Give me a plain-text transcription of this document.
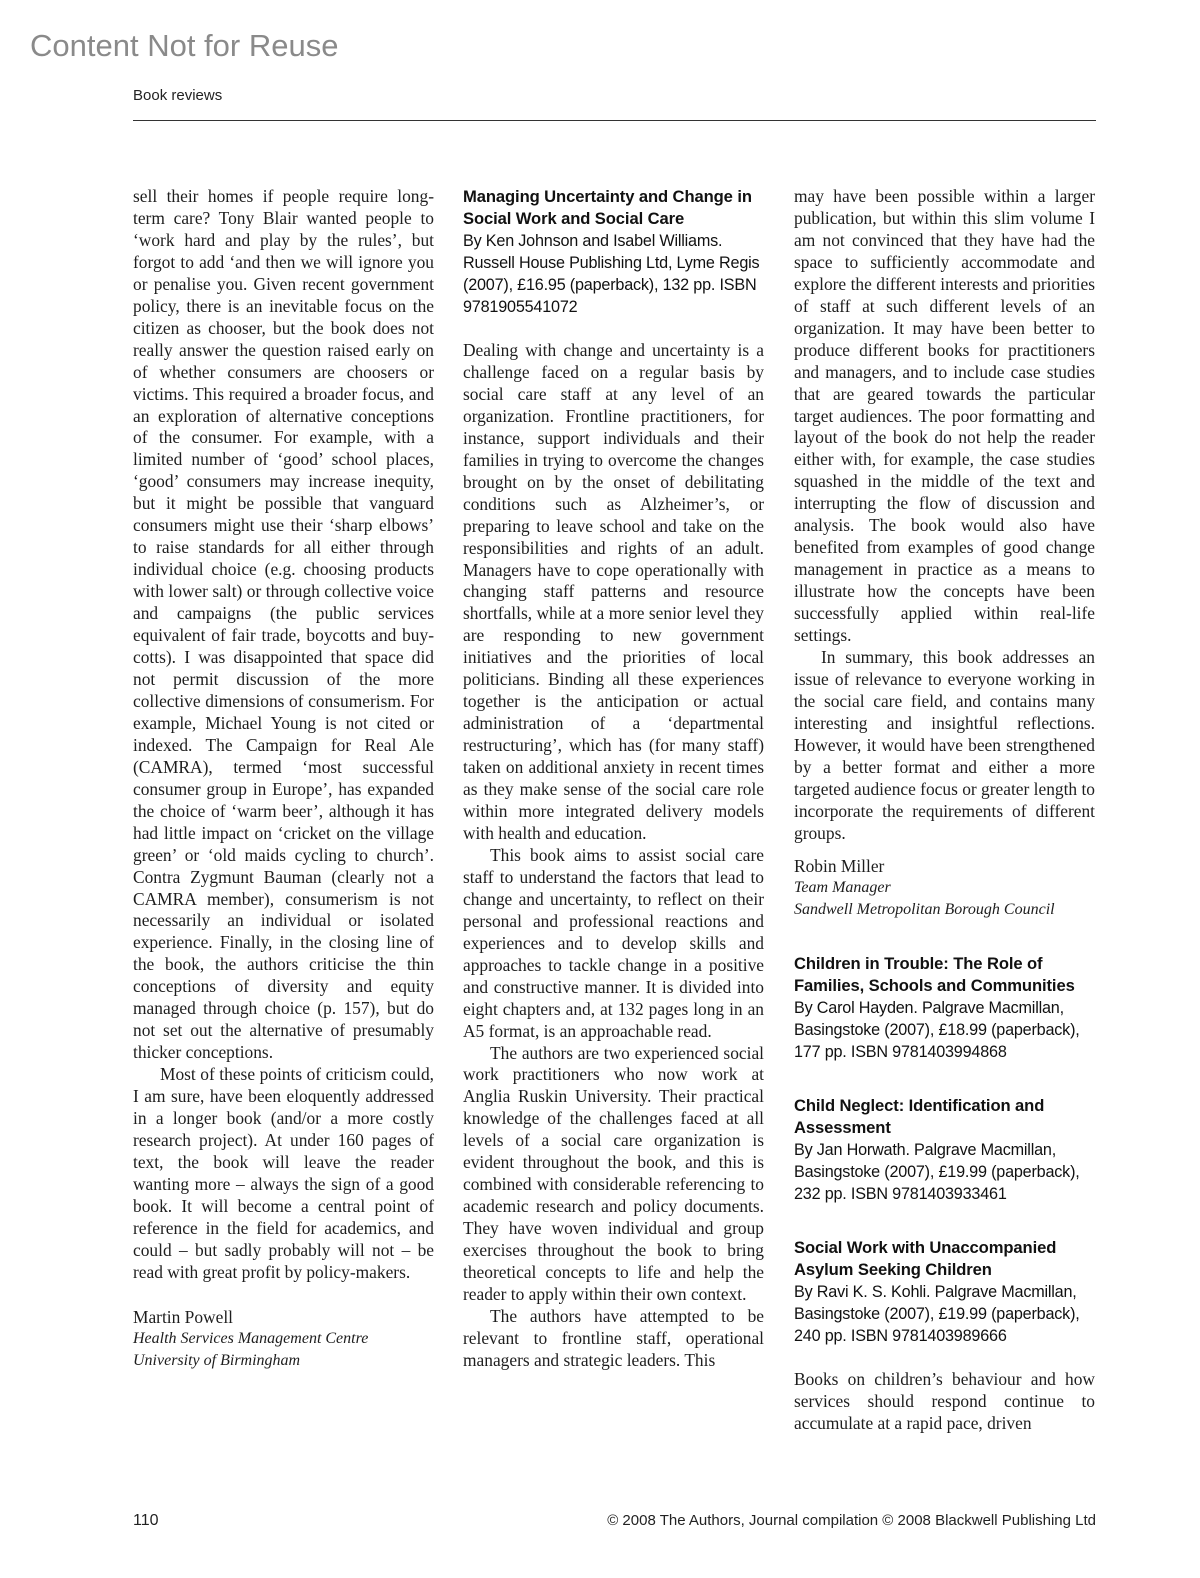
Content Not for Reuse
Book reviews

sell their homes if people require long-term care? Tony Blair wanted people to ‘work hard and play by the rules’, but forgot to add ‘and then we will ignore you or penalise you. Given recent government policy, there is an inevitable focus on the citizen as chooser, but the book does not really answer the question raised early on of whether consumers are choosers or victims. This required a broader focus, and an exploration of alternative conceptions of the consumer. For example, with a limited number of ‘good’ school places, ‘good’ consumers may increase inequity, but it might be possible that vanguard consumers might use their ‘sharp elbows’ to raise standards for all either through individual choice (e.g. choosing products with lower salt) or through collective voice and campaigns (the public services equivalent of fair trade, boycotts and buy-cotts). I was disappointed that space did not permit discussion of the more collective dimensions of consumerism. For example, Michael Young is not cited or indexed. The Campaign for Real Ale (CAMRA), termed ‘most successful consumer group in Europe’, has expanded the choice of ‘warm beer’, although it has had little impact on ‘cricket on the village green’ or ‘old maids cycling to church’. Contra Zygmunt Bauman (clearly not a CAMRA member), consumerism is not necessarily an individual or isolated experience. Finally, in the closing line of the book, the authors criticise the thin conceptions of diversity and equity managed through choice (p. 157), but do not set out the alternative of presumably thicker conceptions.

Most of these points of criticism could, I am sure, have been eloquently addressed in a longer book (and/or a more costly research project). At under 160 pages of text, the book will leave the reader wanting more – always the sign of a good book. It will become a central point of reference in the field for academics, and could – but sadly probably will not – be read with great profit by policy-makers.

Martin Powell
Health Services Management Centre
University of Birmingham
Managing Uncertainty and Change in Social Work and Social Care
By Ken Johnson and Isabel Williams. Russell House Publishing Ltd, Lyme Regis (2007), £16.95 (paperback), 132 pp. ISBN 9781905541072

Dealing with change and uncertainty is a challenge faced on a regular basis by social care staff at any level of an organization. Frontline practitioners, for instance, support individuals and their families in trying to overcome the changes brought on by the onset of debilitating conditions such as Alzheimer’s, or preparing to leave school and take on the responsibilities and rights of an adult. Managers have to cope operationally with changing staff patterns and resource shortfalls, while at a more senior level they are responding to new government initiatives and the priorities of local politicians. Binding all these experiences together is the anticipation or actual administration of a ‘departmental restructuring’, which has (for many staff) taken on additional anxiety in recent times as they make sense of the social care role within more integrated delivery models with health and education.

This book aims to assist social care staff to understand the factors that lead to change and uncertainty, to reflect on their personal and professional reactions and experiences and to develop skills and approaches to tackle change in a positive and constructive manner. It is divided into eight chapters and, at 132 pages long in an A5 format, is an approachable read.

The authors are two experienced social work practitioners who now work at Anglia Ruskin University. Their practical knowledge of the challenges faced at all levels of a social care organization is evident throughout the book, and this is combined with considerable referencing to academic research and policy documents. They have woven individual and group exercises throughout the book to bring theoretical concepts to life and help the reader to apply within their own context.

The authors have attempted to be relevant to frontline staff, operational managers and strategic leaders. This

may have been possible within a larger publication, but within this slim volume I am not convinced that they have had the space to sufficiently accommodate and explore the different interests and priorities of staff at such different levels of an organization. It may have been better to produce different books for practitioners and managers, and to include case studies that are geared towards the particular target audiences. The poor formatting and layout of the book do not help the reader either with, for example, the case studies squashed in the middle of the text and interrupting the flow of discussion and analysis. The book would also have benefited from examples of good change management in practice as a means to illustrate how the concepts have been successfully applied within real-life settings.

In summary, this book addresses an issue of relevance to everyone working in the social care field, and contains many interesting and insightful reflections. However, it would have been strengthened by a better format and either a more targeted audience focus or greater length to incorporate the requirements of different groups.

Robin Miller
Team Manager
Sandwell Metropolitan Borough Council
Children in Trouble: The Role of Families, Schools and Communities
By Carol Hayden. Palgrave Macmillan, Basingstoke (2007), £18.99 (paperback), 177 pp. ISBN 9781403994868
Child Neglect: Identification and Assessment
By Jan Horwath. Palgrave Macmillan, Basingstoke (2007), £19.99 (paperback), 232 pp. ISBN 9781403933461
Social Work with Unaccompanied Asylum Seeking Children
By Ravi K. S. Kohli. Palgrave Macmillan, Basingstoke (2007), £19.99 (paperback), 240 pp. ISBN 9781403989666

Books on children’s behaviour and how services should respond continue to accumulate at a rapid pace, driven

110	© 2008 The Authors, Journal compilation © 2008 Blackwell Publishing Ltd
